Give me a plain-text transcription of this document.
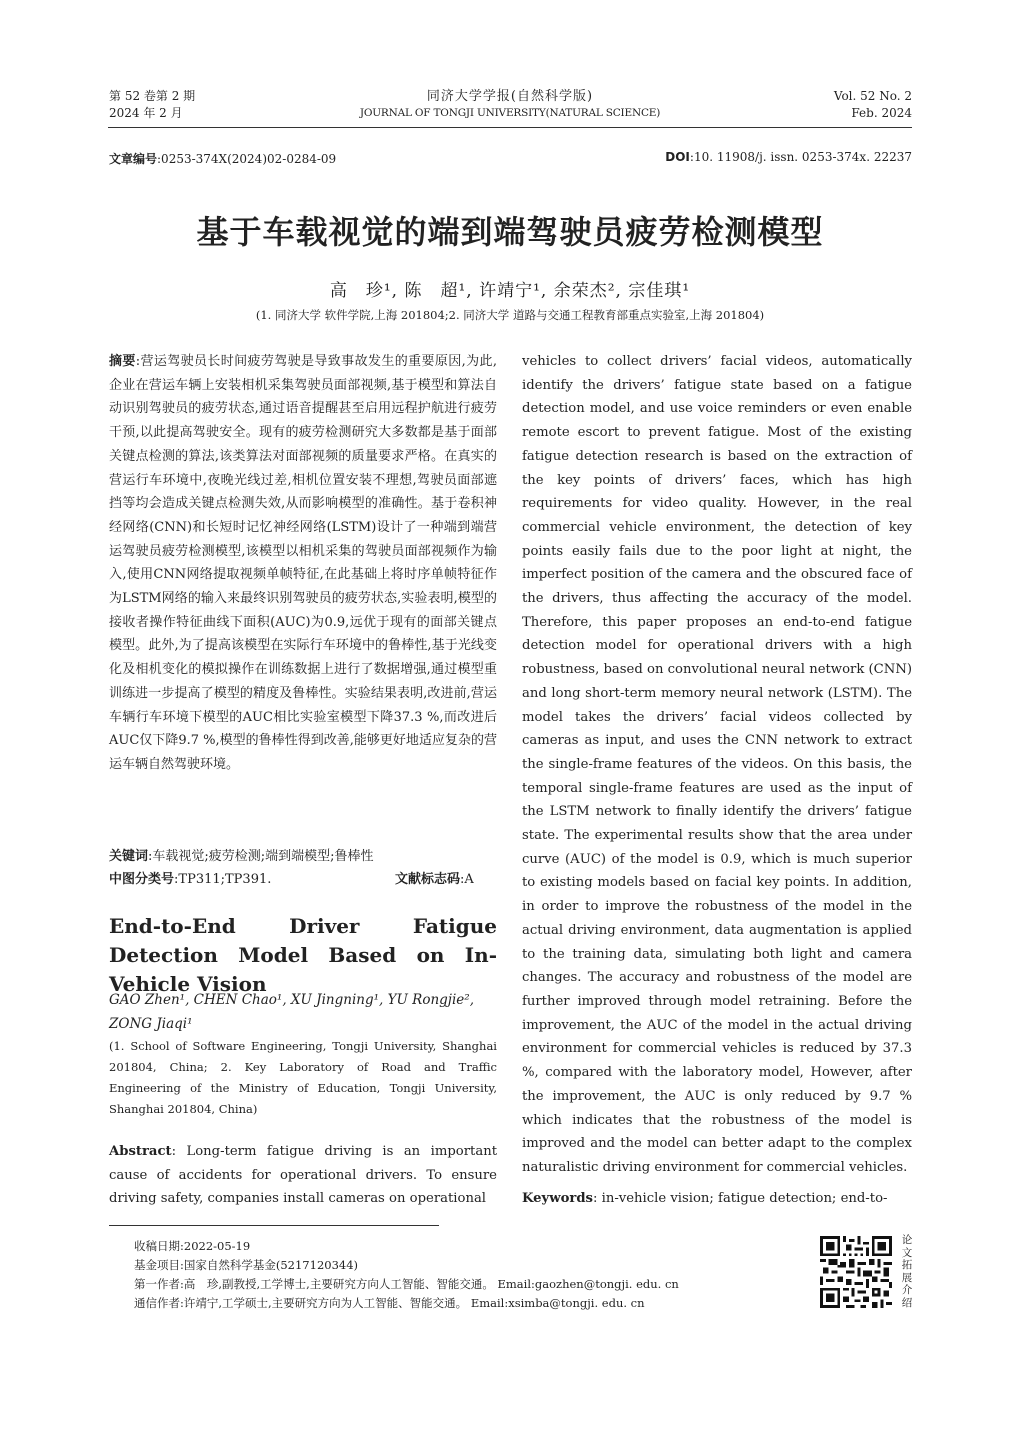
第 52 卷第 2 期
2024 年 2 月
同济大学学报(自然科学版)
JOURNAL OF TONGJI UNIVERSITY(NATURAL SCIENCE)
Vol. 52 No. 2
Feb. 2024
文章编号:0253-374X(2024)02-0284-09	DOI:10. 11908/j. issn. 0253-374x. 22237
基于车载视觉的端到端驾驶员疲劳检测模型
高　珍¹, 陈　超¹, 许靖宁¹, 余荣杰², 宗佳琪¹
(1. 同济大学 软件学院,上海 201804;2. 同济大学 道路与交通工程教育部重点实验室,上海 201804)
摘要:营运驾驶员长时间疲劳驾驶是导致事故发生的重要原因,为此,企业在营运车辆上安装相机采集驾驶员面部视频,基于模型和算法自动识别驾驶员的疲劳状态,通过语音提醒甚至启用远程护航进行疲劳干预,以此提高驾驶安全。现有的疲劳检测研究大多数都是基于面部关键点检测的算法,该类算法对面部视频的质量要求严格。在真实的营运行车环境中,夜晚光线过差,相机位置安装不理想,驾驶员面部遮挡等均会造成关键点检测失效,从而影响模型的准确性。基于卷积神经网络(CNN)和长短时记忆神经网络(LSTM)设计了一种端到端营运驾驶员疲劳检测模型,该模型以相机采集的驾驶员面部视频作为输入,使用CNN网络提取视频单帧特征,在此基础上将时序单帧特征作为LSTM网络的输入来最终识别驾驶员的疲劳状态,实验表明,模型的接收者操作特征曲线下面积(AUC)为0.9,远优于现有的面部关键点模型。此外,为了提高该模型在实际行车环境中的鲁棒性,基于光线变化及相机变化的模拟操作在训练数据上进行了数据增强,通过模型重训练进一步提高了模型的精度及鲁棒性。实验结果表明,改进前,营运车辆行车环境下模型的AUC相比实验室模型下降37.3 %,而改进后AUC仅下降9.7 %,模型的鲁棒性得到改善,能够更好地适应复杂的营运车辆自然驾驶环境。
关键词:车载视觉;疲劳检测;端到端模型;鲁棒性
中图分类号:TP311;TP391.	文献标志码:A
End-to-End Driver Fatigue Detection Model Based on In-Vehicle Vision
GAO Zhen¹, CHEN Chao¹, XU Jingning¹, YU Rongjie²,
ZONG Jiaqi¹
(1. School of Software Engineering, Tongji University, Shanghai 201804, China; 2. Key Laboratory of Road and Traffic Engineering of the Ministry of Education, Tongji University, Shanghai 201804, China)
Abstract: Long-term fatigue driving is an important cause of accidents for operational drivers. To ensure driving safety, companies install cameras on operational
vehicles to collect drivers’ facial videos, automatically identify the drivers’ fatigue state based on a fatigue detection model, and use voice reminders or even enable remote escort to prevent fatigue. Most of the existing fatigue detection research is based on the extraction of the key points of drivers’ faces, which has high requirements for video quality. However, in the real commercial vehicle environment, the detection of key points easily fails due to the poor light at night, the imperfect position of the camera and the obscured face of the drivers, thus affecting the accuracy of the model. Therefore, this paper proposes an end-to-end fatigue detection model for operational drivers with a high robustness, based on convolutional neural network (CNN) and long short-term memory neural network (LSTM). The model takes the drivers’ facial videos collected by cameras as input, and uses the CNN network to extract the single-frame features of the videos. On this basis, the temporal single-frame features are used as the input of the LSTM network to finally identify the drivers’ fatigue state. The experimental results show that the area under curve (AUC) of the model is 0.9, which is much superior to existing models based on facial key points. In addition, in order to improve the robustness of the model in the actual driving environment, data augmentation is applied to the training data, simulating both light and camera changes. The accuracy and robustness of the model are further improved through model retraining. Before the improvement, the AUC of the model in the actual driving environment for commercial vehicles is reduced by 37.3 %, compared with the laboratory model, However, after the improvement, the AUC is only reduced by 9.7 % which indicates that the robustness of the model is improved and the model can better adapt to the complex naturalistic driving environment for commercial vehicles.
Keywords: in-vehicle vision; fatigue detection; end-to-
收稿日期:2022-05-19
基金项目:国家自然科学基金(5217120344)
第一作者:高　珍,副教授,工学博士,主要研究方向人工智能、智能交通。 Email:gaozhen@tongji. edu. cn
通信作者:许靖宁,工学硕士,主要研究方向为人工智能、智能交通。 Email:xsimba@tongji. edu. cn
论文拓展介绍
